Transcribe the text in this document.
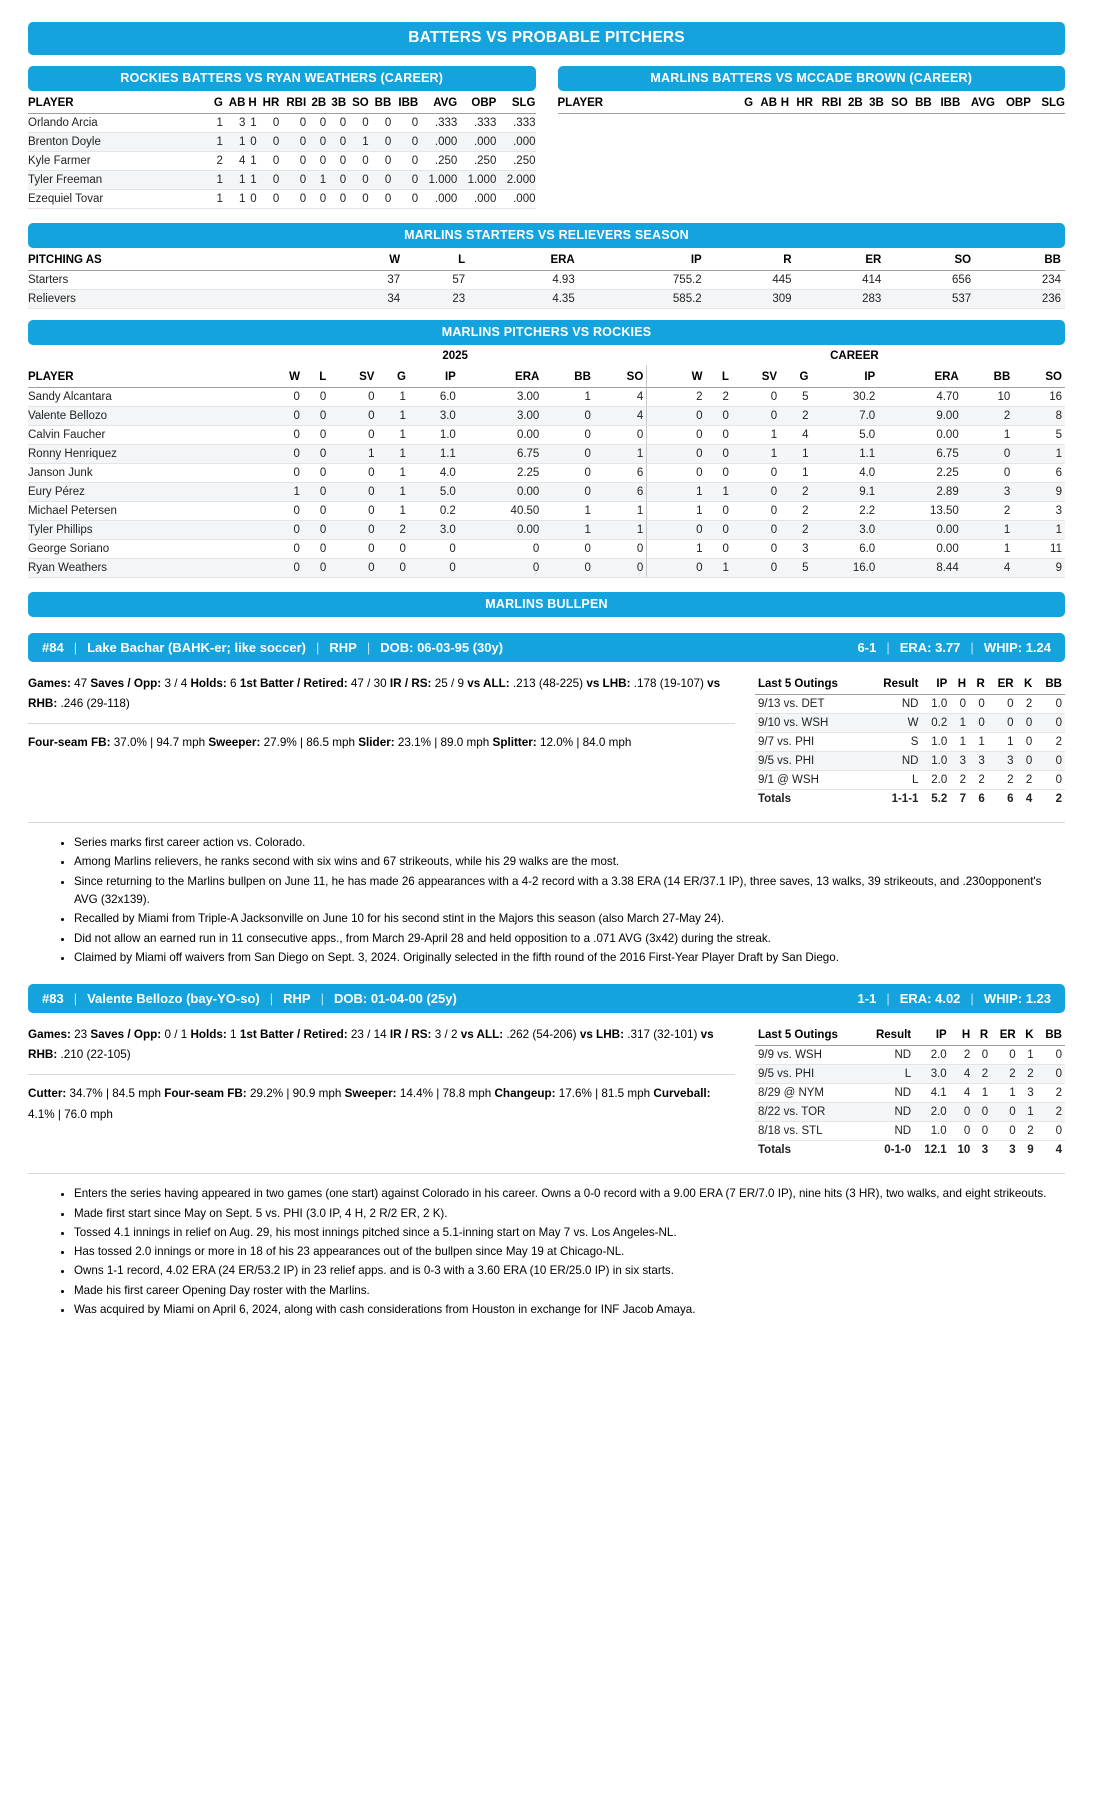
BATTERS VS PROBABLE PITCHERS
ROCKIES BATTERS VS RYAN WEATHERS (CAREER)
PLAYER	G	AB	H	HR	RBI	2B	3B	SO	BB	IBB	AVG	OBP	SLG
Orlando Arcia	1	3	1	0	0	0	0	0	0	0	.333	.333	.333
Brenton Doyle	1	1	0	0	0	0	0	1	0	0	.000	.000	.000
Kyle Farmer	2	4	1	0	0	0	0	0	0	0	.250	.250	.250
Tyler Freeman	1	1	1	0	0	1	0	0	0	0	1.000	1.000	2.000
Ezequiel Tovar	1	1	0	0	0	0	0	0	0	0	.000	.000	.000
MARLINS BATTERS VS MCCADE BROWN (CAREER)
PLAYER	G	AB	H	HR	RBI	2B	3B	SO	BB	IBB	AVG	OBP	SLG
MARLINS STARTERS VS RELIEVERS SEASON
PITCHING AS	W	L	ERA	IP	R	ER	SO	BB
Starters	37	57	4.93	755.2	445	414	656	234
Relievers	34	23	4.35	585.2	309	283	537	236
MARLINS PITCHERS VS ROCKIES
	2025								CAREER							
PLAYER	W	L	SV	G	IP	ERA	BB	SO	W	L	SV	G	IP	ERA	BB	SO
Sandy Alcantara	0	0	0	1	6.0	3.00	1	4	2	2	0	5	30.2	4.70	10	16
Valente Bellozo	0	0	0	1	3.0	3.00	0	4	0	0	0	2	7.0	9.00	2	8
Calvin Faucher	0	0	0	1	1.0	0.00	0	0	0	0	1	4	5.0	0.00	1	5
Ronny Henriquez	0	0	1	1	1.1	6.75	0	1	0	0	1	1	1.1	6.75	0	1
Janson Junk	0	0	0	1	4.0	2.25	0	6	0	0	0	1	4.0	2.25	0	6
Eury Pérez	1	0	0	1	5.0	0.00	0	6	1	1	0	2	9.1	2.89	3	9
Michael Petersen	0	0	0	1	0.2	40.50	1	1	1	0	0	2	2.2	13.50	2	3
Tyler Phillips	0	0	0	2	3.0	0.00	1	1	0	0	0	2	3.0	0.00	1	1
George Soriano	0	0	0	0	0	0	0	0	1	0	0	3	6.0	0.00	1	11
Ryan Weathers	0	0	0	0	0	0	0	0	0	1	0	5	16.0	8.44	4	9
MARLINS BULLPEN
#84 | Lake Bachar (BAHK-er; like soccer) | RHP | DOB: 06-03-95 (30y)	6-1 | ERA: 3.77 | WHIP: 1.24
Games: 47 Saves / Opp: 3 / 4 Holds: 6 1st Batter / Retired: 47 / 30 IR / RS: 25 / 9 vs ALL: .213 (48-225) vs LHB: .178 (19-107) vs RHB: .246 (29-118)
Four-seam FB: 37.0% | 94.7 mph Sweeper: 27.9% | 86.5 mph Slider: 23.1% | 89.0 mph Splitter: 12.0% | 84.0 mph
Last 5 Outings	Result	IP	H	R	ER	K	BB
9/13 vs. DET	ND	1.0	0	0	0	2	0
9/10 vs. WSH	W	0.2	1	0	0	0	0
9/7 vs. PHI	S	1.0	1	1	1	0	2
9/5 vs. PHI	ND	1.0	3	3	3	0	0
9/1 @ WSH	L	2.0	2	2	2	2	0
Totals	1-1-1	5.2	7	6	6	4	2
• Series marks first career action vs. Colorado.
• Among Marlins relievers, he ranks second with six wins and 67 strikeouts, while his 29 walks are the most.
• Since returning to the Marlins bullpen on June 11, he has made 26 appearances with a 4-2 record with a 3.38 ERA (14 ER/37.1 IP), three saves, 13 walks, 39 strikeouts, and .230opponent's AVG (32x139).
• Recalled by Miami from Triple-A Jacksonville on June 10 for his second stint in the Majors this season (also March 27-May 24).
• Did not allow an earned run in 11 consecutive apps., from March 29-April 28 and held opposition to a .071 AVG (3x42) during the streak.
• Claimed by Miami off waivers from San Diego on Sept. 3, 2024. Originally selected in the fifth round of the 2016 First-Year Player Draft by San Diego.
#83 | Valente Bellozo (bay-YO-so) | RHP | DOB: 01-04-00 (25y)	1-1 | ERA: 4.02 | WHIP: 1.23
Games: 23 Saves / Opp: 0 / 1 Holds: 1 1st Batter / Retired: 23 / 14 IR / RS: 3 / 2 vs ALL: .262 (54-206) vs LHB: .317 (32-101) vs RHB: .210 (22-105)
Cutter: 34.7% | 84.5 mph Four-seam FB: 29.2% | 90.9 mph Sweeper: 14.4% | 78.8 mph Changeup: 17.6% | 81.5 mph Curveball: 4.1% | 76.0 mph
Last 5 Outings	Result	IP	H	R	ER	K	BB
9/9 vs. WSH	ND	2.0	2	0	0	1	0
9/5 vs. PHI	L	3.0	4	2	2	2	0
8/29 @ NYM	ND	4.1	4	1	1	3	2
8/22 vs. TOR	ND	2.0	0	0	0	1	2
8/18 vs. STL	ND	1.0	0	0	0	2	0
Totals	0-1-0	12.1	10	3	3	9	4
• Enters the series having appeared in two games (one start) against Colorado in his career. Owns a 0-0 record with a 9.00 ERA (7 ER/7.0 IP), nine hits (3 HR), two walks, and eight strikeouts.
• Made first start since May on Sept. 5 vs. PHI (3.0 IP, 4 H, 2 R/2 ER, 2 K).
• Tossed 4.1 innings in relief on Aug. 29, his most innings pitched since a 5.1-inning start on May 7 vs. Los Angeles-NL.
• Has tossed 2.0 innings or more in 18 of his 23 appearances out of the bullpen since May 19 at Chicago-NL.
• Owns 1-1 record, 4.02 ERA (24 ER/53.2 IP) in 23 relief apps. and is 0-3 with a 3.60 ERA (10 ER/25.0 IP) in six starts.
• Made his first career Opening Day roster with the Marlins.
• Was acquired by Miami on April 6, 2024, along with cash considerations from Houston in exchange for INF Jacob Amaya.
